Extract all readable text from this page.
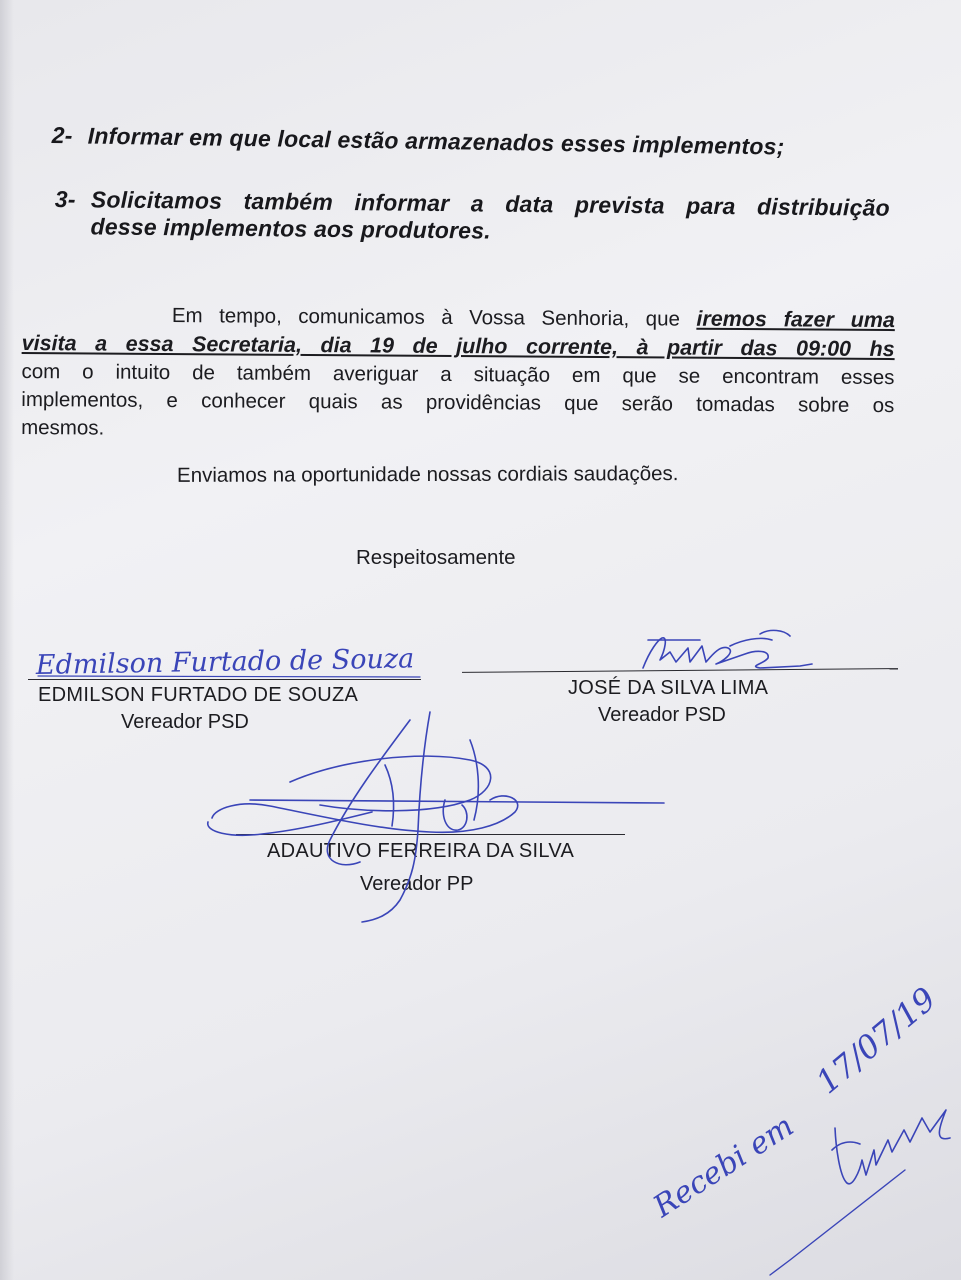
2- Informar em que local estão armazenados esses implementos;
3- Solicitamos também informar a data prevista para distribuição
desse implementos aos produtores.
Em tempo, comunicamos à Vossa Senhoria, que iremos fazer uma
visita a essa Secretaria, dia 19 de julho corrente, à partir das 09:00 hs
com o intuito de também averiguar a situação em que se encontram esses
implementos, e conhecer quais as providências que serão tomadas sobre os
mesmos.
Enviamos na oportunidade nossas cordiais saudações.
Respeitosamente
EDMILSON FURTADO DE SOUZA
Vereador PSD
JOSÉ DA SILVA LIMA
Vereador PSD
ADAUTIVO FERREIRA DA SILVA
Vereador PP
Edmilson Furtado de Souza
Recebi em
17/07/19
